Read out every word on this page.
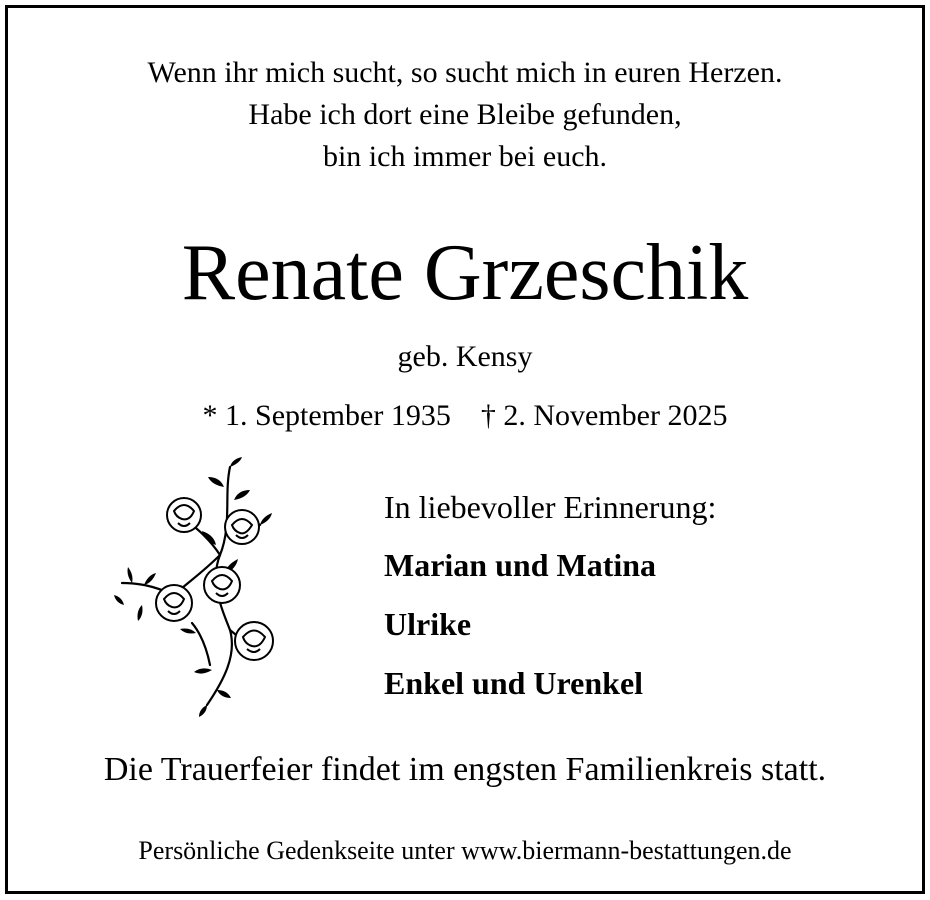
Wenn ihr mich sucht, so sucht mich in euren Herzen.
Habe ich dort eine Bleibe gefunden,
bin ich immer bei euch.
Renate Grzeschik
geb. Kensy
* 1. September 1935    † 2. November 2025
In liebevoller Erinnerung:
Marian und Matina
Ulrike
Enkel und Urenkel
Die Trauerfeier findet im engsten Familienkreis statt.
Persönliche Gedenkseite unter www.biermann-bestattungen.de
